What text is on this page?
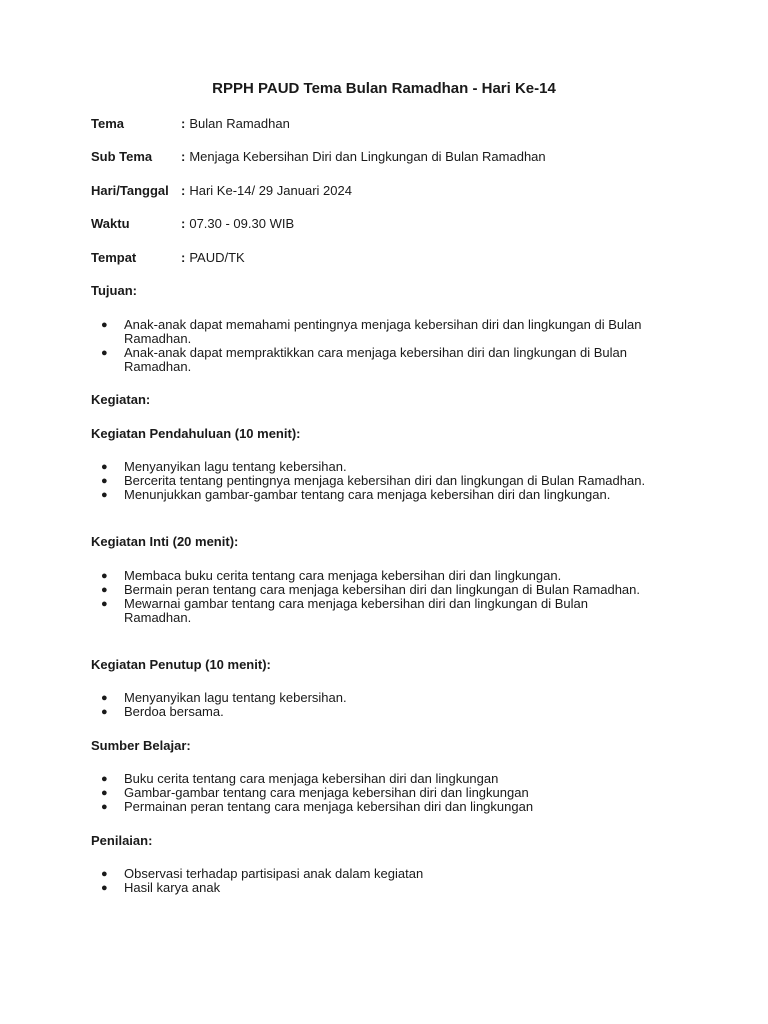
RPPH PAUD Tema Bulan Ramadhan - Hari Ke-14
Tema	: Bulan Ramadhan
Sub Tema : Menjaga Kebersihan Diri dan Lingkungan di Bulan Ramadhan
Hari/Tanggal : Hari Ke-14/ 29 Januari 2024
Waktu	: 07.30 - 09.30 WIB
Tempat	: PAUD/TK
Tujuan:
● Anak-anak dapat memahami pentingnya menjaga kebersihan diri dan lingkungan di Bulan Ramadhan.
● Anak-anak dapat mempraktikkan cara menjaga kebersihan diri dan lingkungan di Bulan Ramadhan.
Kegiatan:
Kegiatan Pendahuluan (10 menit):
● Menyanyikan lagu tentang kebersihan.
● Bercerita tentang pentingnya menjaga kebersihan diri dan lingkungan di Bulan Ramadhan.
● Menunjukkan gambar-gambar tentang cara menjaga kebersihan diri dan lingkungan.
Kegiatan Inti (20 menit):
● Membaca buku cerita tentang cara menjaga kebersihan diri dan lingkungan.
● Bermain peran tentang cara menjaga kebersihan diri dan lingkungan di Bulan Ramadhan.
● Mewarnai gambar tentang cara menjaga kebersihan diri dan lingkungan di Bulan Ramadhan.
Kegiatan Penutup (10 menit):
● Menyanyikan lagu tentang kebersihan.
● Berdoa bersama.
Sumber Belajar:
● Buku cerita tentang cara menjaga kebersihan diri dan lingkungan
● Gambar-gambar tentang cara menjaga kebersihan diri dan lingkungan
● Permainan peran tentang cara menjaga kebersihan diri dan lingkungan
Penilaian:
● Observasi terhadap partisipasi anak dalam kegiatan
● Hasil karya anak
